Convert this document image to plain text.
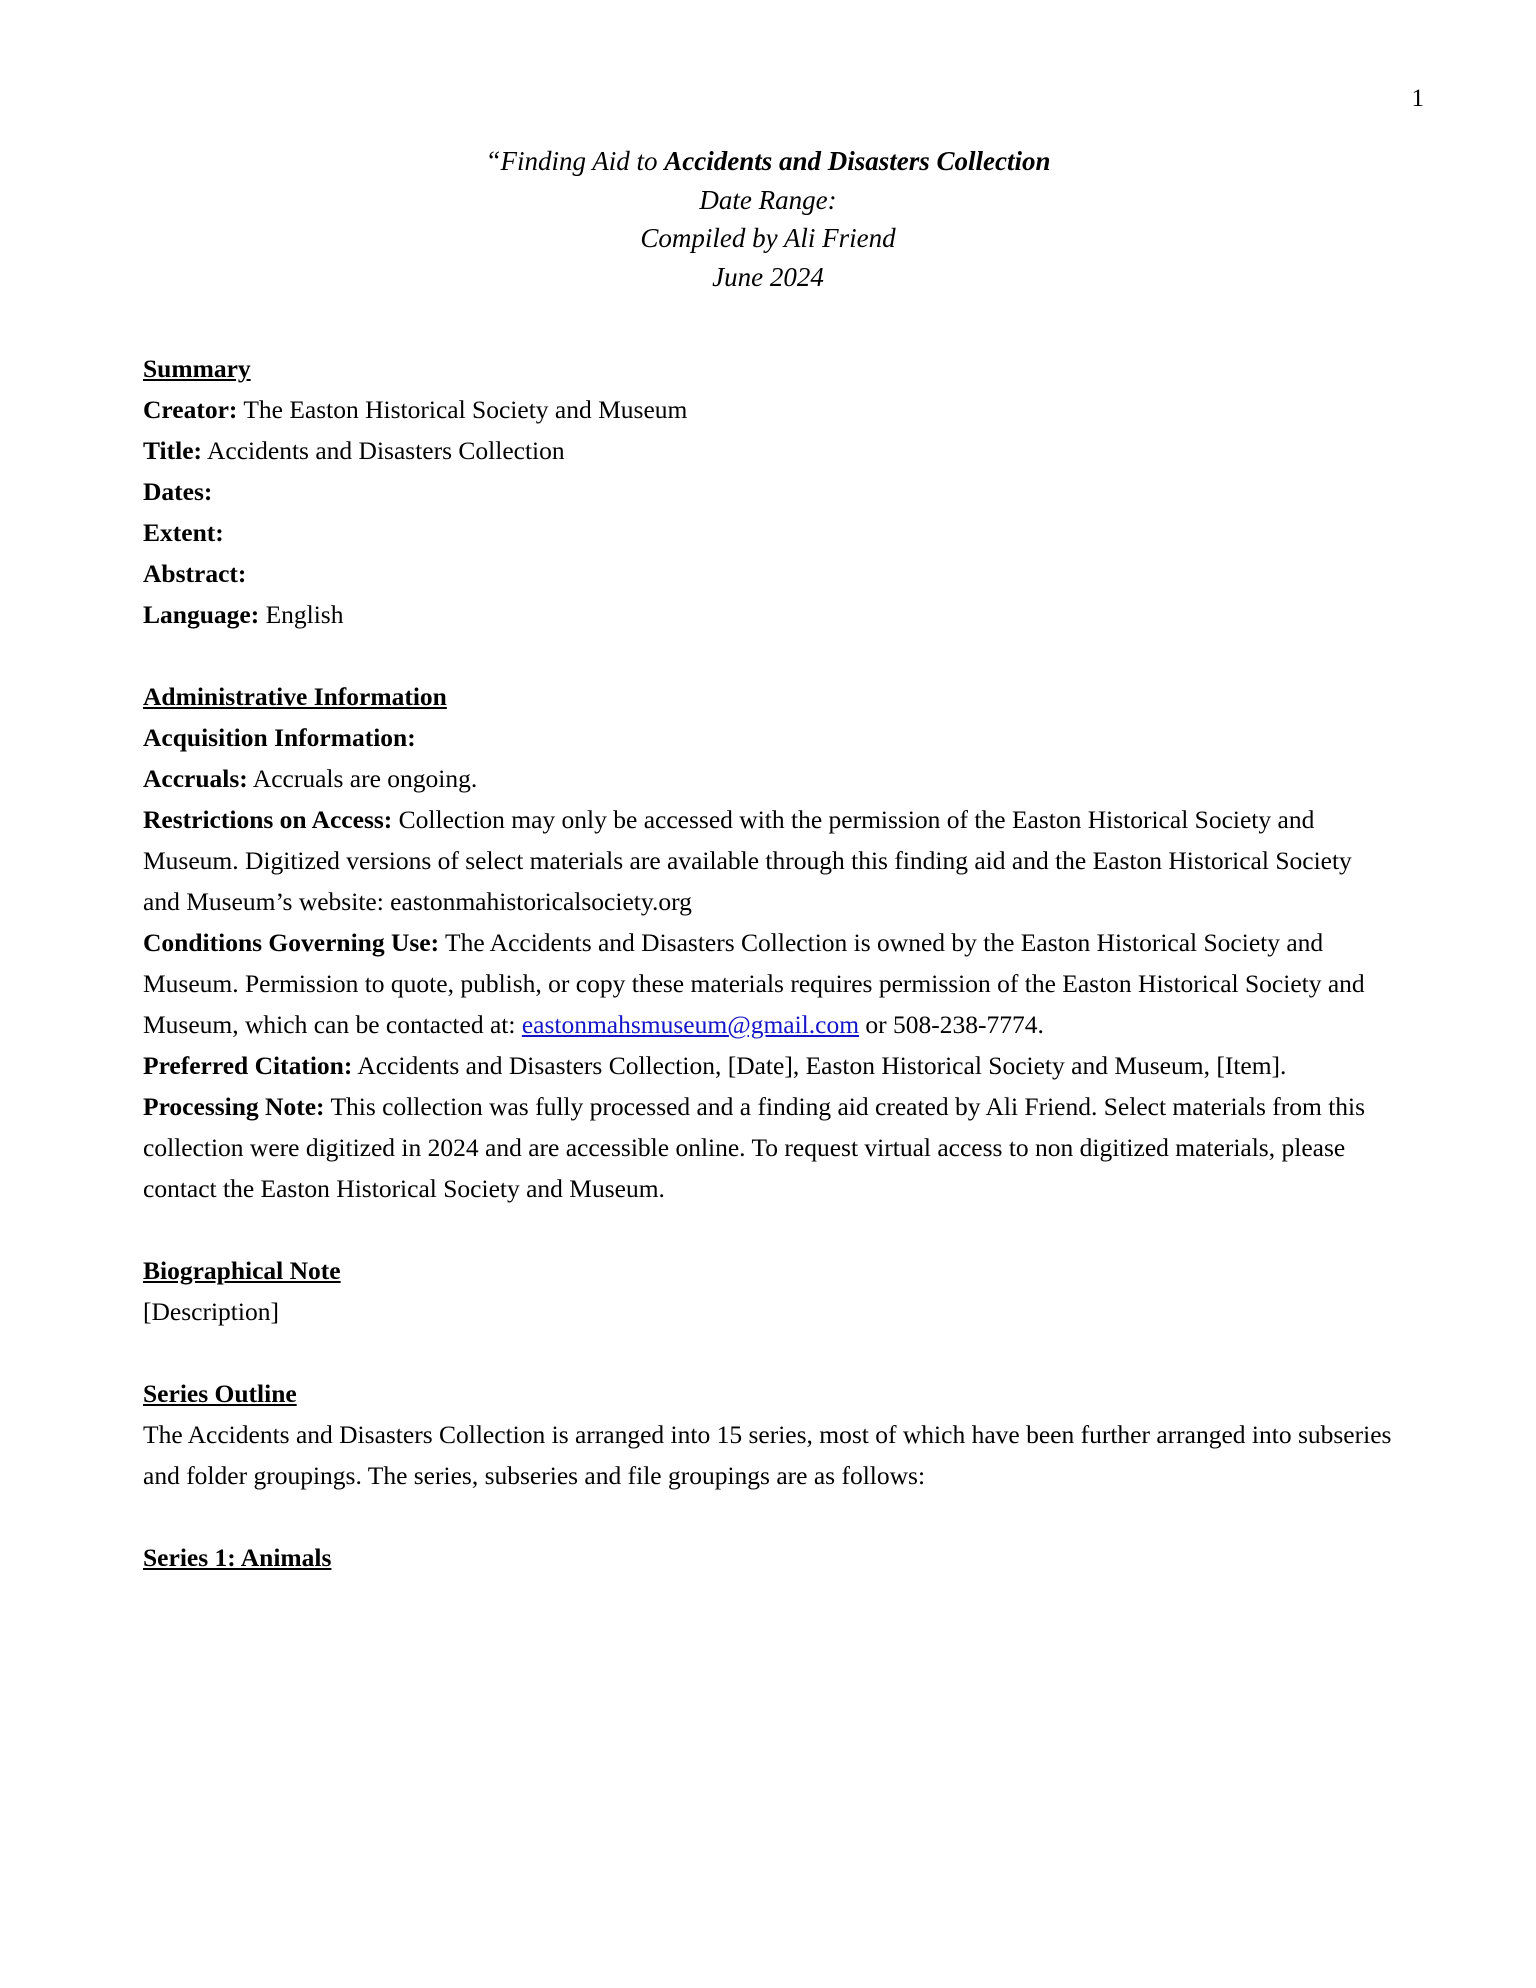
1
“Finding Aid to Accidents and Disasters Collection
Date Range:
Compiled by Ali Friend
June 2024
Summary
Creator: The Easton Historical Society and Museum
Title: Accidents and Disasters Collection
Dates:
Extent:
Abstract:
Language: English
Administrative Information
Acquisition Information:
Accruals: Accruals are ongoing.
Restrictions on Access: Collection may only be accessed with the permission of the Easton Historical Society and Museum. Digitized versions of select materials are available through this finding aid and the Easton Historical Society and Museum’s website: eastonmahistoricalsociety.org
Conditions Governing Use: The Accidents and Disasters Collection is owned by the Easton Historical Society and Museum. Permission to quote, publish, or copy these materials requires permission of the Easton Historical Society and Museum, which can be contacted at: eastonmahsmuseum@gmail.com or 508-238-7774.
Preferred Citation: Accidents and Disasters Collection, [Date], Easton Historical Society and Museum, [Item].
Processing Note: This collection was fully processed and a finding aid created by Ali Friend. Select materials from this collection were digitized in 2024 and are accessible online. To request virtual access to non digitized materials, please contact the Easton Historical Society and Museum.
Biographical Note
[Description]
Series Outline
The Accidents and Disasters Collection is arranged into 15 series, most of which have been further arranged into subseries and folder groupings. The series, subseries and file groupings are as follows:
Series 1: Animals
